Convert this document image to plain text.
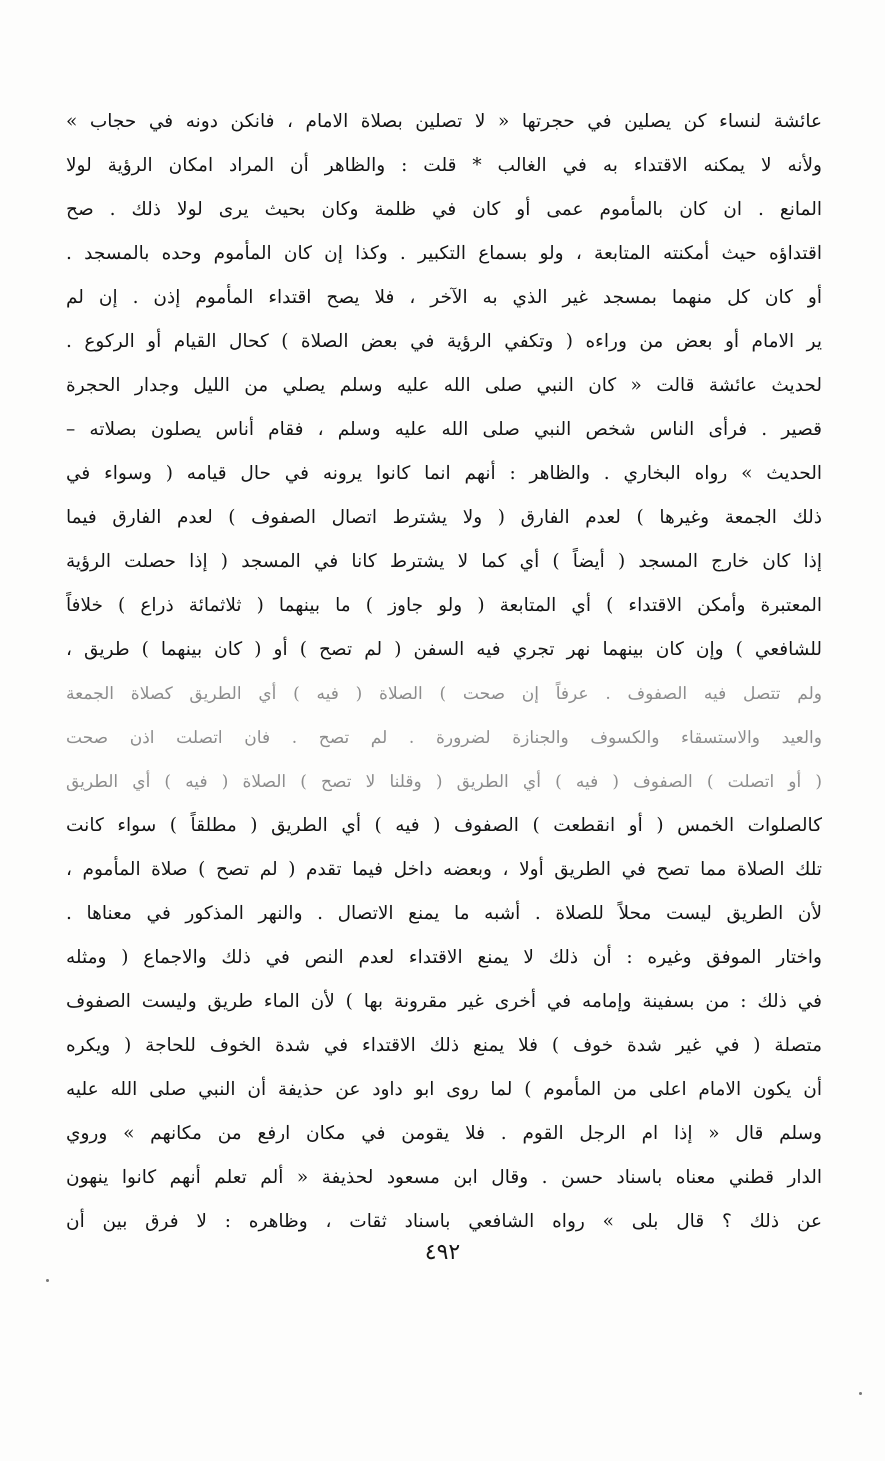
عائشة لنساء كن يصلين في حجرتها « لا تصلين بصلاة الامام ، فانكن دونه في حجاب »
ولأنه لا يمكنه الاقتداء به في الغالب * قلت : والظاهر أن المراد امكان الرؤية لولا
المانع . ان كان بالمأموم عمى أو كان في ظلمة وكان بحيث يرى لولا ذلك . صح
اقتداؤه حيث أمكنته المتابعة ، ولو بسماع التكبير . وكذا إن كان المأموم وحده بالمسجد .
أو كان كل منهما بمسجد غير الذي به الآخر ، فلا يصح اقتداء المأموم إذن . إن لم
ير الامام أو بعض من وراءه ( وتكفي الرؤية في بعض الصلاة ) كحال القيام أو الركوع .
لحديث عائشة قالت « كان النبي صلى الله عليه وسلم يصلي من الليل وجدار الحجرة
قصير . فرأى الناس شخص النبي صلى الله عليه وسلم ، فقام أناس يصلون بصلاته –
الحديث » رواه البخاري . والظاهر : أنهم انما كانوا يرونه في حال قيامه ( وسواء في
ذلك الجمعة وغيرها ) لعدم الفارق ( ولا يشترط اتصال الصفوف ) لعدم الفارق فيما
إذا كان خارج المسجد ( أيضاً ) أي كما لا يشترط كانا في المسجد ( إذا حصلت الرؤية
المعتبرة وأمكن الاقتداء ) أي المتابعة ( ولو جاوز ) ما بينهما ( ثلاثمائة ذراع ) خلافاً
للشافعي ) وإن كان بينهما نهر تجري فيه السفن ( لم تصح ) أو ( كان بينهما ) طريق ،
ولم تتصل فيه الصفوف . عرفاً إن صحت ) الصلاة ( فيه ) أي الطريق كصلاة الجمعة
والعيد والاستسقاء والكسوف والجنازة لضرورة . لم تصح . فان اتصلت اذن صحت
( أو اتصلت ) الصفوف ( فيه ) أي الطريق ( وقلنا لا تصح ) الصلاة ( فيه ) أي الطريق
كالصلوات الخمس ( أو انقطعت ) الصفوف ( فيه ) أي الطريق ( مطلقاً ) سواء كانت
تلك الصلاة مما تصح في الطريق أولا ، وبعضه داخل فيما تقدم ( لم تصح ) صلاة المأموم ،
لأن الطريق ليست محلاً للصلاة . أشبه ما يمنع الاتصال . والنهر المذكور في معناها .
واختار الموفق وغيره : أن ذلك لا يمنع الاقتداء لعدم النص في ذلك والاجماع ( ومثله
في ذلك : من بسفينة وإمامه في أخرى غير مقرونة بها ) لأن الماء طريق وليست الصفوف
متصلة ( في غير شدة خوف ) فلا يمنع ذلك الاقتداء في شدة الخوف للحاجة ( ويكره
أن يكون الامام اعلى من المأموم ) لما روى ابو داود عن حذيفة أن النبي صلى الله عليه
وسلم قال « إذا ام الرجل القوم . فلا يقومن في مكان ارفع من مكانهم » وروي
الدار قطني معناه باسناد حسن . وقال ابن مسعود لحذيفة « ألم تعلم أنهم كانوا ينهون
عن ذلك ؟ قال بلى » رواه الشافعي باسناد ثقات ، وظاهره : لا فرق بين أن
٤٩٢
